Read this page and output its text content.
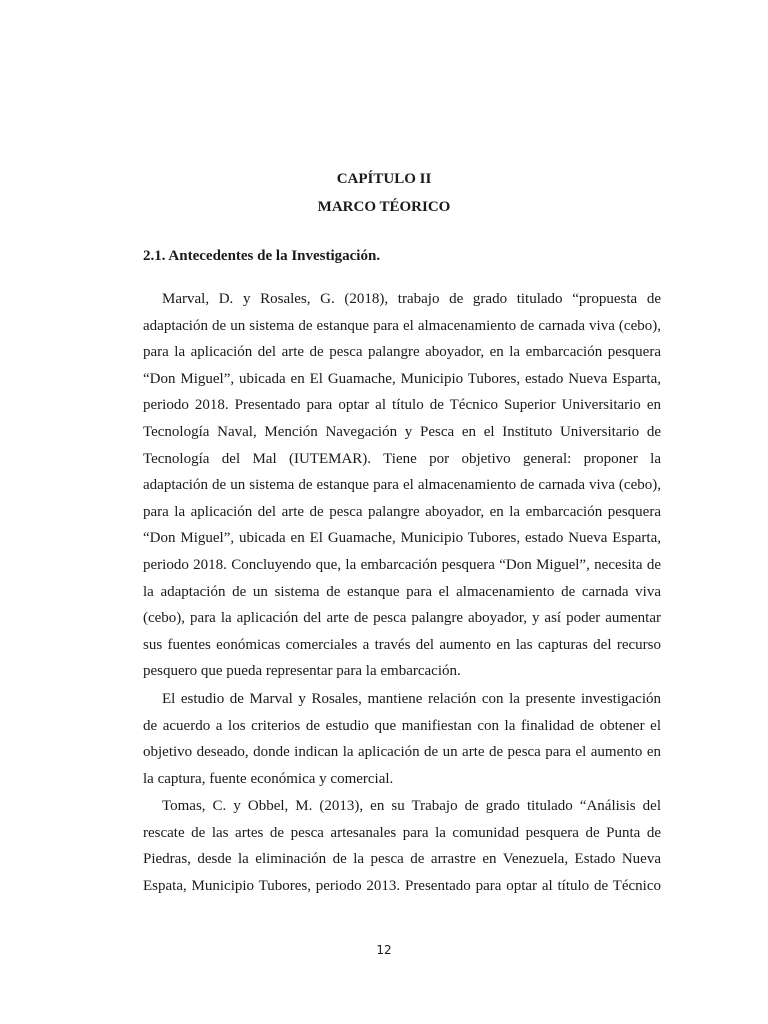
CAPÍTULO II
MARCO TÉORICO
2.1. Antecedentes de la Investigación.
Marval, D. y Rosales, G. (2018), trabajo de grado titulado “propuesta de
adaptación de un sistema de estanque para el almacenamiento de carnada viva (cebo),
para la aplicación del arte de pesca palangre aboyador, en la embarcación pesquera
“Don Miguel”, ubicada en El Guamache, Municipio Tubores, estado Nueva Esparta,
periodo 2018. Presentado para optar al título de Técnico Superior Universitario en
Tecnología Naval, Mención Navegación y Pesca en el Instituto Universitario de
Tecnología del Mal (IUTEMAR). Tiene por objetivo general: proponer la
adaptación de un sistema de estanque para el almacenamiento de carnada viva (cebo),
para la aplicación del arte de pesca palangre aboyador, en la embarcación pesquera
“Don Miguel”, ubicada en El Guamache, Municipio Tubores, estado Nueva Esparta,
periodo 2018. Concluyendo que, la embarcación pesquera “Don Miguel”, necesita de
la adaptación de un sistema de estanque para el almacenamiento de carnada viva
(cebo), para la aplicación del arte de pesca palangre aboyador, y así poder aumentar
sus fuentes eonómicas comerciales a través del aumento en las capturas del recurso
pesquero que pueda representar para la embarcación.
El estudio de Marval y Rosales, mantiene relación con la presente investigación
de acuerdo a los criterios de estudio que manifiestan con la finalidad de obtener el
objetivo deseado, donde indican la aplicación de un arte de pesca para el aumento en
la captura, fuente económica y comercial.
Tomas, C. y Obbel, M. (2013), en su Trabajo de grado titulado “Análisis del
rescate de las artes de pesca artesanales para la comunidad pesquera de Punta de
Piedras, desde la eliminación de la pesca de arrastre en Venezuela, Estado Nueva
Espata, Municipio Tubores, periodo 2013. Presentado para optar al título de Técnico
12
